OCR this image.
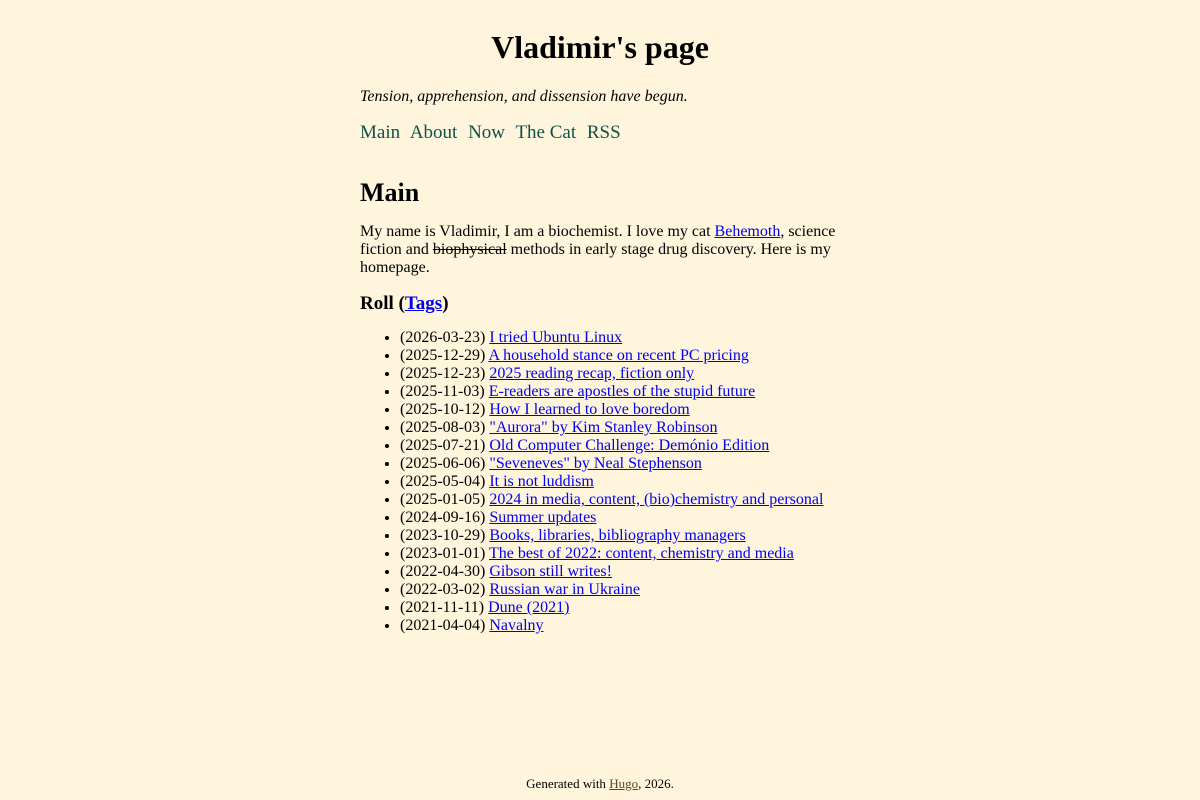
Vladimir's page

Tension, apprehension, and dissension have begun.

Main About Now The Cat RSS
Main

My name is Vladimir, I am a biochemist. I love my cat Behemoth, science fiction and biophysical methods in early stage drug discovery. Here is my homepage.

Roll (Tags)
• (2026-03-23) I tried Ubuntu Linux
• (2025-12-29) A household stance on recent PC pricing
• (2025-12-23) 2025 reading recap, fiction only
• (2025-11-03) E-readers are apostles of the stupid future
• (2025-10-12) How I learned to love boredom
• (2025-08-03) "Aurora" by Kim Stanley Robinson
• (2025-07-21) Old Computer Challenge: Demónio Edition
• (2025-06-06) "Seveneves" by Neal Stephenson
• (2025-05-04) It is not luddism
• (2025-01-05) 2024 in media, content, (bio)chemistry and personal
• (2024-09-16) Summer updates
• (2023-10-29) Books, libraries, bibliography managers
• (2023-01-01) The best of 2022: content, chemistry and media
• (2022-04-30) Gibson still writes!
• (2022-03-02) Russian war in Ukraine
• (2021-11-11) Dune (2021)
• (2021-04-04) Navalny
Generated with Hugo, 2026.
